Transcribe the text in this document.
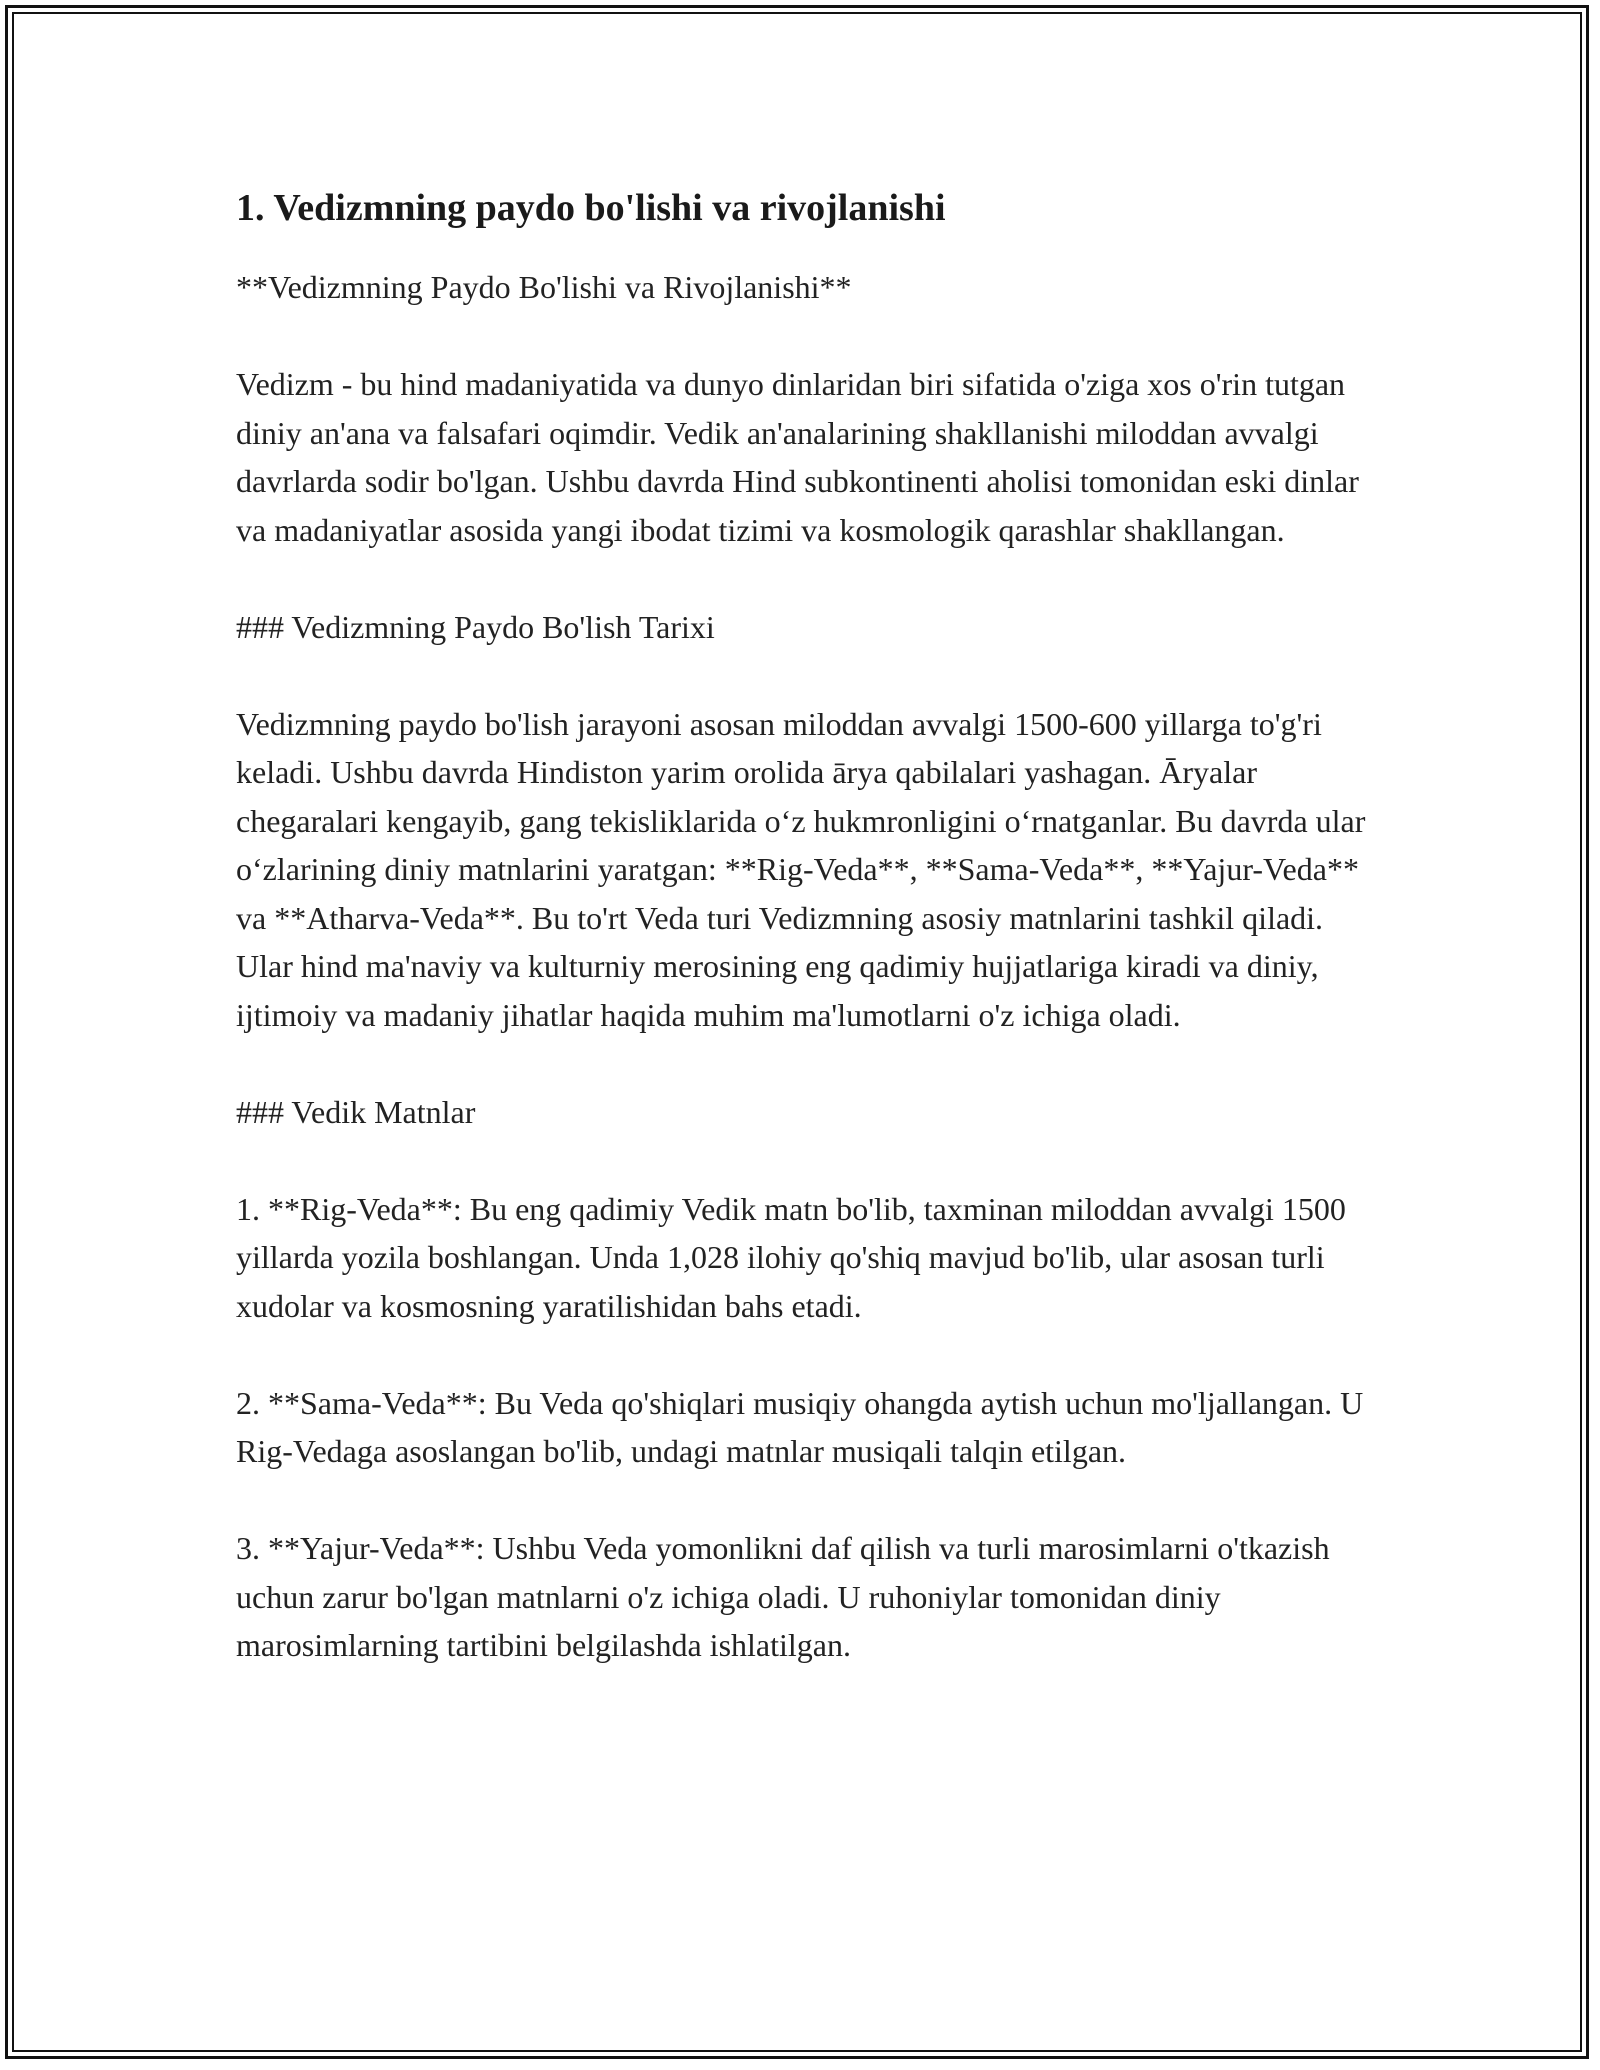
1. Vedizmning paydo bo'lishi va rivojlanishi

**Vedizmning Paydo Bo'lishi va Rivojlanishi**

Vedizm - bu hind madaniyatida va dunyo dinlaridan biri sifatida o'ziga xos o'rin tutgan diniy an'ana va falsafari oqimdir. Vedik an'analarining shakllanishi miloddan avvalgi davrlarda sodir bo'lgan. Ushbu davrda Hind subkontinenti aholisi tomonidan eski dinlar va madaniyatlar asosida yangi ibodat tizimi va kosmologik qarashlar shakllangan.

### Vedizmning Paydo Bo'lish Tarixi

Vedizmning paydo bo'lish jarayoni asosan miloddan avvalgi 1500-600 yillarga to'g'ri keladi. Ushbu davrda Hindiston yarim orolida ārya qabilalari yashagan. Āryalar chegaralari kengayib, gang tekisliklarida o‘z hukmronligini o‘rnatganlar. Bu davrda ular o‘zlarining diniy matnlarini yaratgan: **Rig-Veda**, **Sama-Veda**, **Yajur-Veda** va **Atharva-Veda**. Bu to'rt Veda turi Vedizmning asosiy matnlarini tashkil qiladi. Ular hind ma'naviy va kulturniy merosining eng qadimiy hujjatlariga kiradi va diniy, ijtimoiy va madaniy jihatlar haqida muhim ma'lumotlarni o'z ichiga oladi.

### Vedik Matnlar

1. **Rig-Veda**: Bu eng qadimiy Vedik matn bo'lib, taxminan miloddan avvalgi 1500 yillarda yozila boshlangan. Unda 1,028 ilohiy qo'shiq mavjud bo'lib, ular asosan turli xudolar va kosmosning yaratilishidan bahs etadi.

2. **Sama-Veda**: Bu Veda qo'shiqlari musiqiy ohangda aytish uchun mo'ljallangan. U Rig-Vedaga asoslangan bo'lib, undagi matnlar musiqali talqin etilgan.

3. **Yajur-Veda**: Ushbu Veda yomonlikni daf qilish va turli marosimlarni o'tkazish uchun zarur bo'lgan matnlarni o'z ichiga oladi. U ruhoniylar tomonidan diniy marosimlarning tartibini belgilashda ishlatilgan.
